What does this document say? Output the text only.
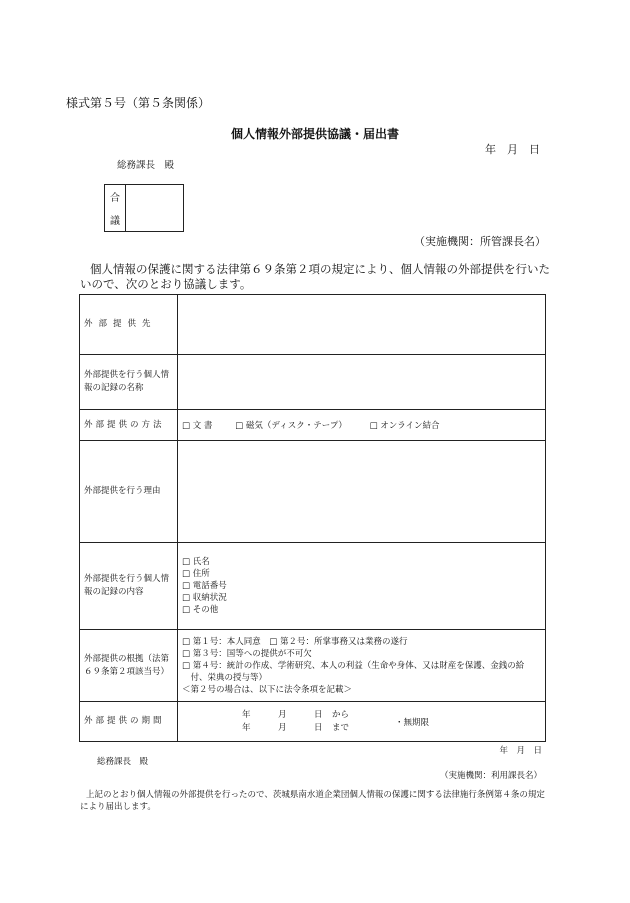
様式第５号（第５条関係）
個人情報外部提供協議・届出書
年　月　日
総務課長　殿
合
議
（実施機関：所管課長名）
個人情報の保護に関する法律第６９条第２項の規定により、個人情報の外部提供を行いたいので、次のとおり協議します。
外部提供先	
外部提供を行う個人情報の記録の名称	
外部提供の方法	□ 文 書 □ 磁気（ディスク・テープ） □ オンライン結合
外部提供を行う理由	
外部提供を行う個人情報の記録の内容	□ 氏名
□ 住所
□ 電話番号
□ 収納状況
□ その他

外部提供の根拠（法第６９条第２項該当号）	□ 第１号：本人同意　□ 第２号：所掌事務又は業務の遂行
□ 第３号：国等への提供が不可欠
□ 第４号：統計の作成、学術研究、本人の利益（生命や身体、又は財産を保護、金銭の給付、栄典の授与等）
＜第２号の場合は、以下に法令条項を記載＞

外部提供の期間	年 月 日 から
年 月 日 まで ・無期限
年　月　日
総務課長　殿
（実施機関：利用課長名）
上記のとおり個人情報の外部提供を行ったので、茨城県南水道企業団個人情報の保護に関する法律施行条例第４条の規定により届出します。
